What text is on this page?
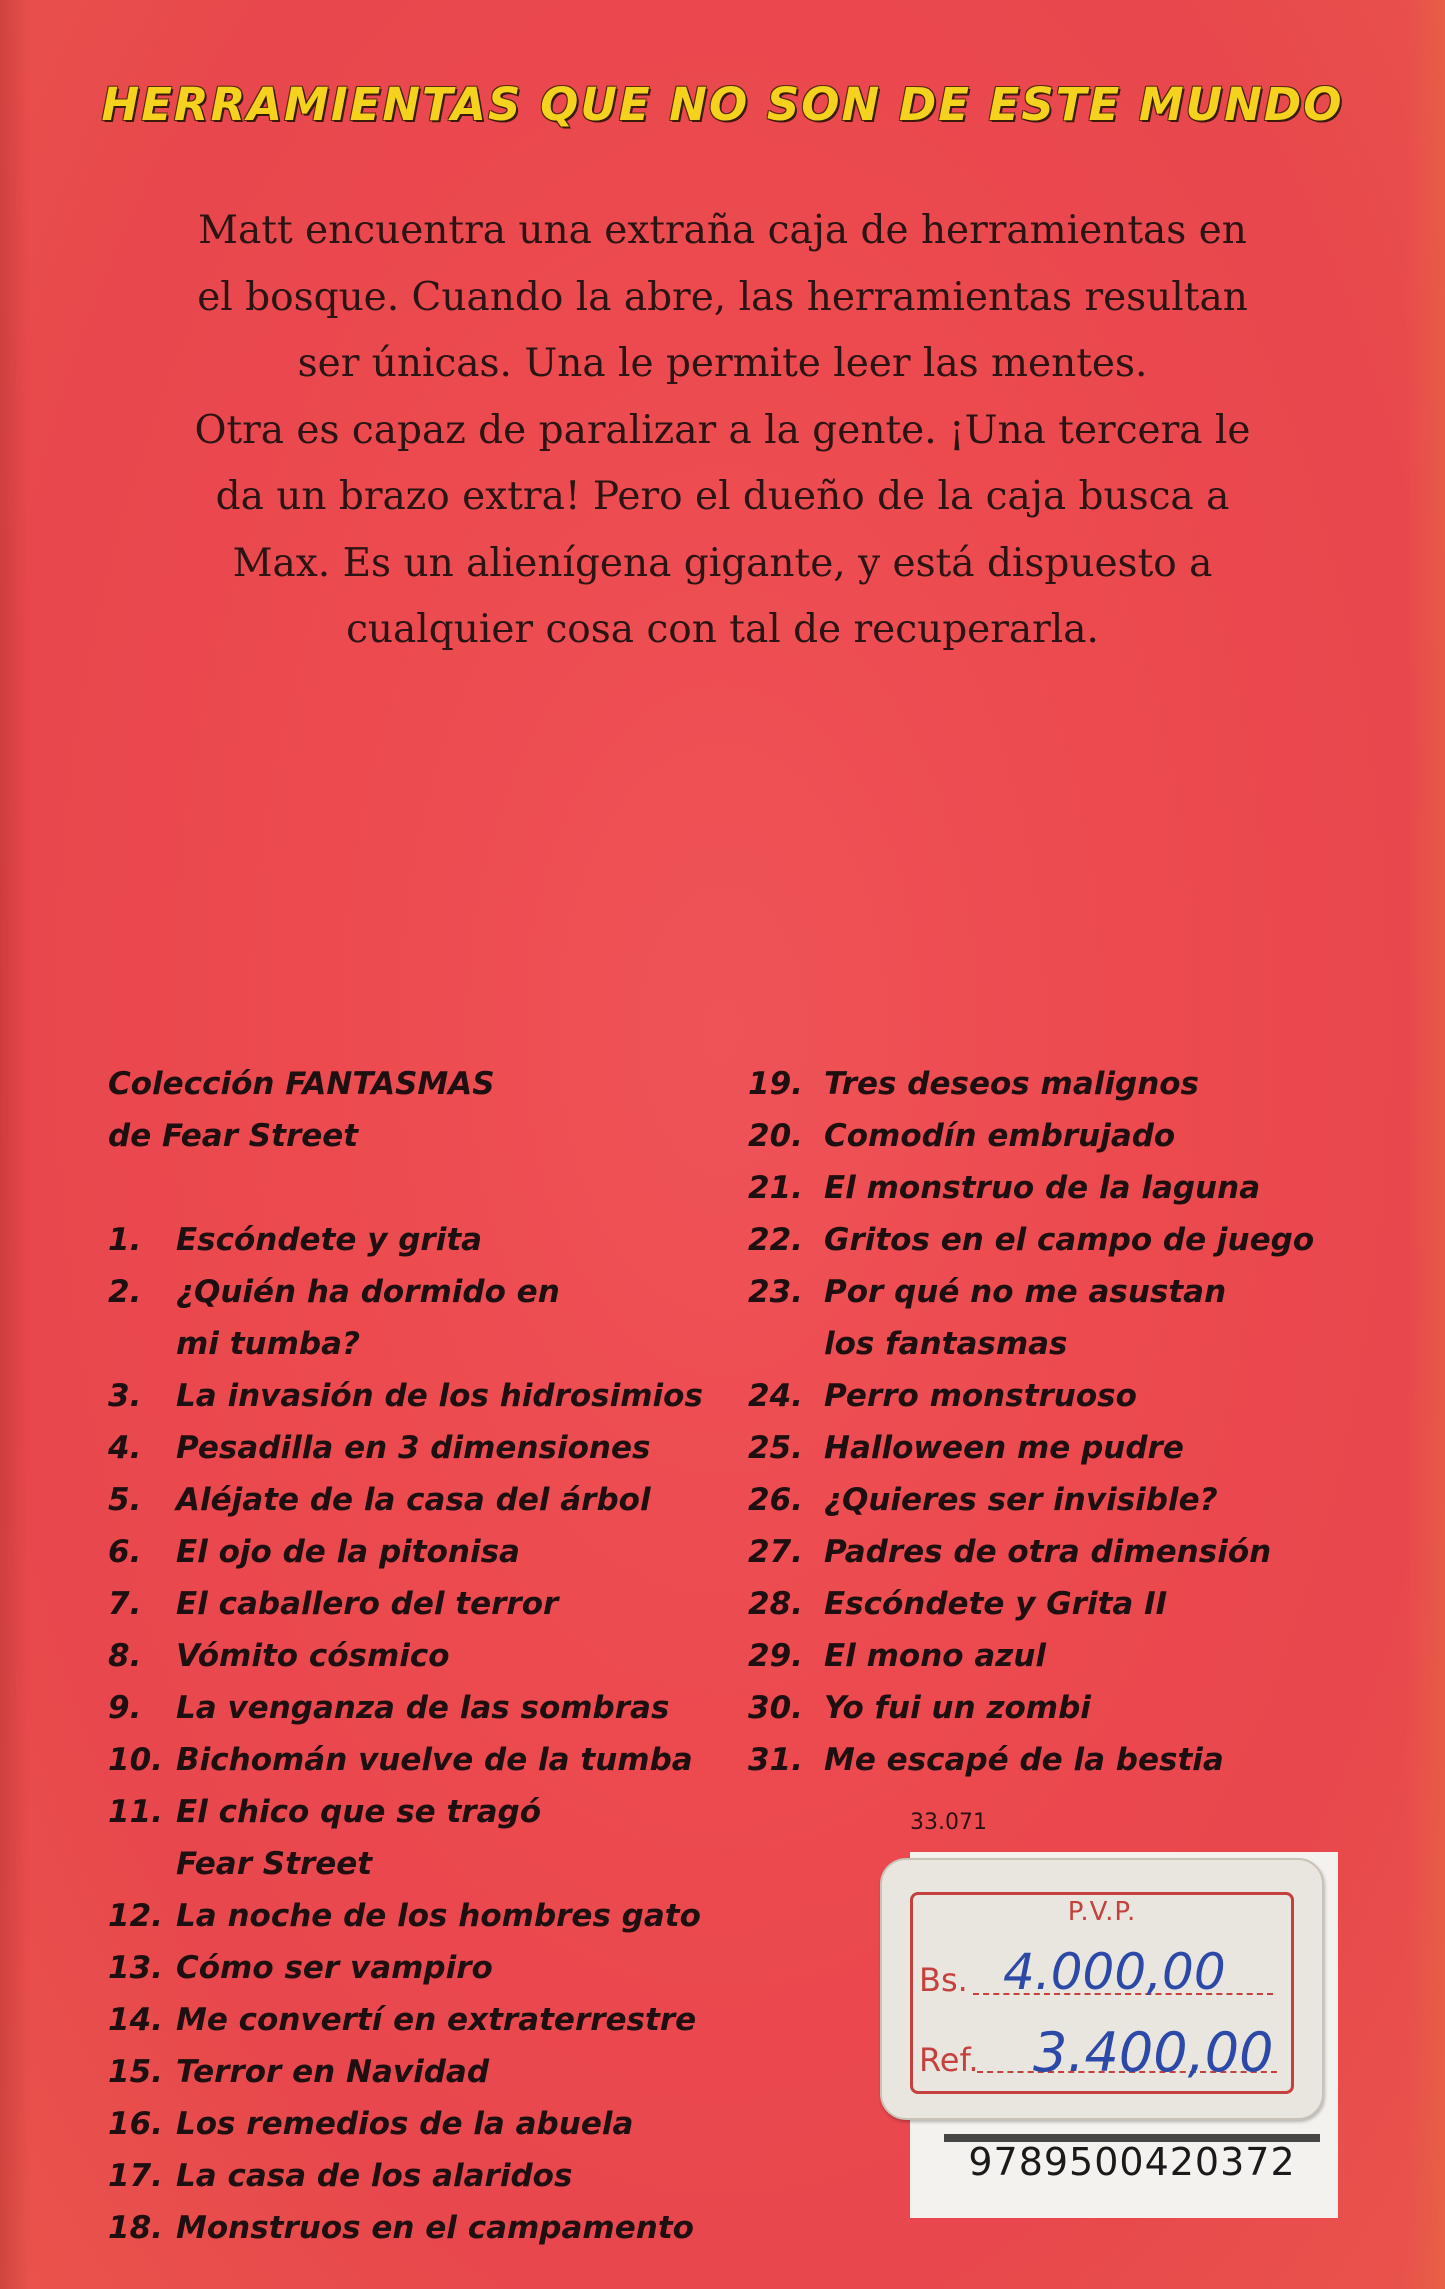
HERRAMIENTAS QUE NO SON DE ESTE MUNDO

Matt encuentra una extraña caja de herramientas en
el bosque. Cuando la abre, las herramientas resultan
ser únicas. Una le permite leer las mentes.
Otra es capaz de paralizar a la gente. ¡Una tercera le
da un brazo extra! Pero el dueño de la caja busca a
Max. Es un alienígena gigante, y está dispuesto a
cualquier cosa con tal de recuperarla.

Colección FANTASMAS
de Fear Street
1.	Escóndete y grita
2.	¿Quién ha dormido en
mi tumba?
3.	La invasión de los hidrosimios
4.	Pesadilla en 3 dimensiones
5.	Aléjate de la casa del árbol
6.	El ojo de la pitonisa
7.	El caballero del terror
8.	Vómito cósmico
9.	La venganza de las sombras
10. Bichomán vuelve de la tumba
11. El chico que se tragó
Fear Street
12. La noche de los hombres gato
13. Cómo ser vampiro
14. Me convertí en extraterrestre
15. Terror en Navidad
16. Los remedios de la abuela
17. La casa de los alaridos
18. Monstruos en el campamento
19. Tres deseos malignos
20. Comodín embrujado
21. El monstruo de la laguna
22. Gritos en el campo de juego
23. Por qué no me asustan
los fantasmas
24. Perro monstruoso
25. Halloween me pudre
26. ¿Quieres ser invisible?
27. Padres de otra dimensión
28. Escóndete y Grita II
29. El mono azul
30. Yo fui un zombi
31. Me escapé de la bestia
33.071
9789500420372
P.V.P.
Bs. 4.000,00
Ref. 3.400,00
